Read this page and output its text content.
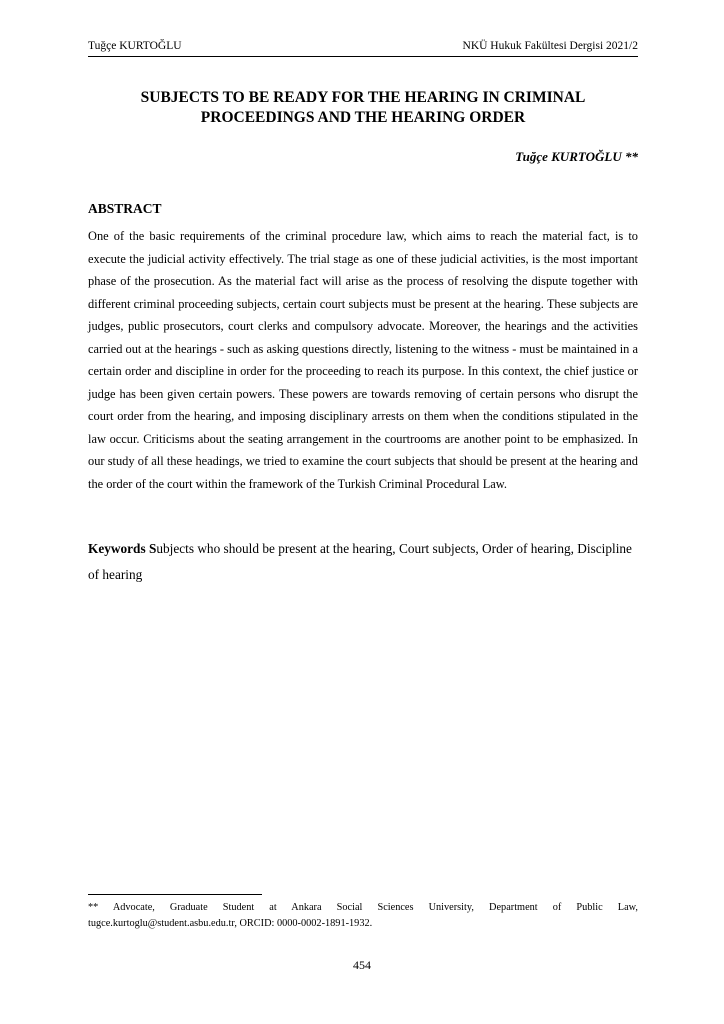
Tuğçe KURTOĞLU	NKÜ Hukuk Fakültesi Dergisi 2021/2
SUBJECTS TO BE READY FOR THE HEARING IN CRIMINAL PROCEEDINGS AND THE HEARING ORDER
Tuğçe KURTOĞLU **
ABSTRACT

One of the basic requirements of the criminal procedure law, which aims to reach the material fact, is to execute the judicial activity effectively. The trial stage as one of these judicial activities, is the most important phase of the prosecution. As the material fact will arise as the process of resolving the dispute together with different criminal proceeding subjects, certain court subjects must be present at the hearing. These subjects are judges, public prosecutors, court clerks and compulsory advocate. Moreover, the hearings and the activities carried out at the hearings - such as asking questions directly, listening to the witness - must be maintained in a certain order and discipline in order for the proceeding to reach its purpose. In this context, the chief justice or judge has been given certain powers. These powers are towards removing of certain persons who disrupt the court order from the hearing, and imposing disciplinary arrests on them when the conditions stipulated in the law occur. Criticisms about the seating arrangement in the courtrooms are another point to be emphasized. In our study of all these headings, we tried to examine the court subjects that should be present at the hearing and the order of the court within the framework of the Turkish Criminal Procedural Law.

Keywords Subjects who should be present at the hearing, Court subjects, Order of hearing, Discipline of hearing

** Advocate, Graduate Student at Ankara Social Sciences University, Department of Public Law, tugce.kurtoglu@student.asbu.edu.tr, ORCID: 0000-0002-1891-1932.

454
